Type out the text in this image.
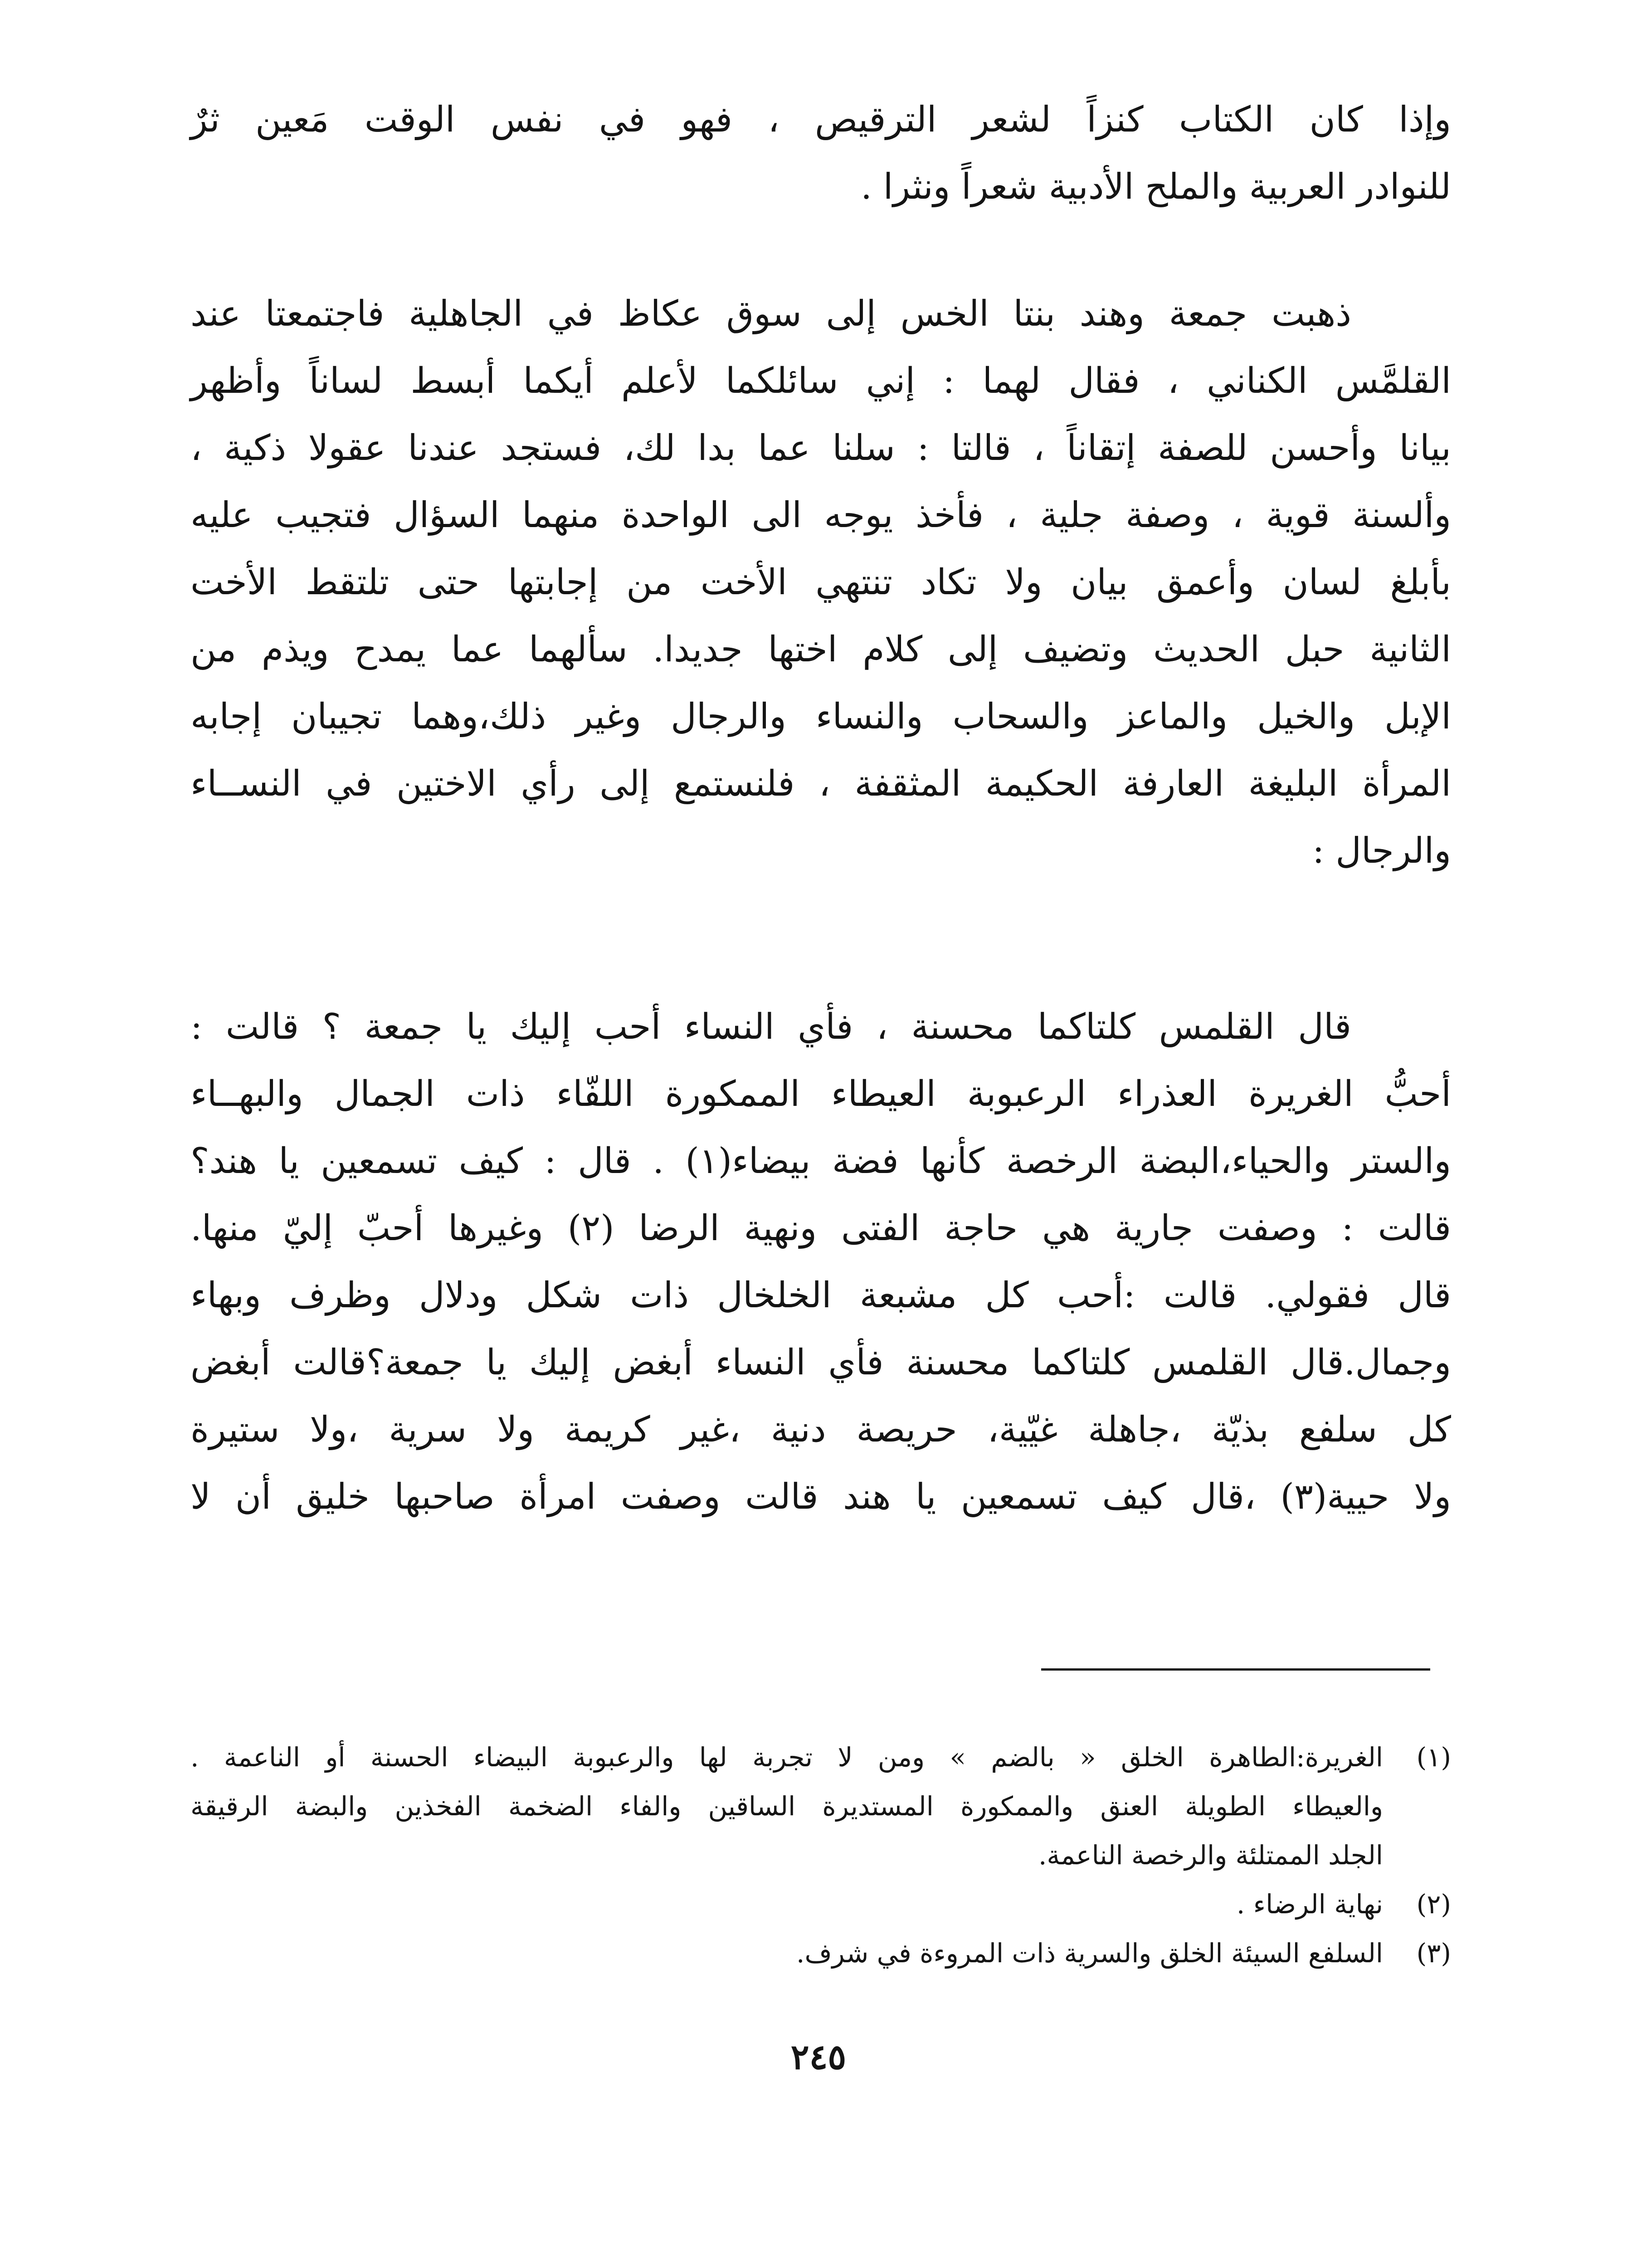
وإذا كان الكتاب كنزاً لشعر الترقيص ، فهو في نفس الوقت مَعين ثرٌ
للنوادر العربية والملح الأدبية شعراً ونثرا .
ذهبت جمعة وهند بنتا الخس إلى سوق عكاظ في الجاهلية فاجتمعتا عند
القلمَّس الكناني ، فقال لهما : إني سائلكما لأعلم أيكما أبسط لساناً وأظهر
بيانا وأحسن للصفة إتقاناً ، قالتا : سلنا عما بدا لك، فستجد عندنا عقولا ذكية ،
وألسنة قوية ، وصفة جلية ، فأخذ يوجه الى الواحدة منهما السؤال فتجيب عليه
بأبلغ لسان وأعمق بيان ولا تكاد تنتهي الأخت من إجابتها حتى تلتقط الأخت
الثانية حبل الحديث وتضيف إلى كلام اختها جديدا. سألهما عما يمدح ويذم من
الإبل والخيل والماعز والسحاب والنساء والرجال وغير ذلك،وهما تجيبان إجابه
المرأة البليغة العارفة الحكيمة المثقفة ، فلنستمع إلى رأي الاختين في النســاء
والرجال :
قال القلمس كلتاكما محسنة ، فأي النساء أحب إليك يا جمعة ؟ قالت :
أحبُّ الغريرة العذراء الرعبوبة العيطاء الممكورة اللفّاء ذات الجمال والبهــاء
والستر والحياء،البضة الرخصة كأنها فضة بيضاء(١) . قال : كيف تسمعين يا هند؟
قالت : وصفت جارية هي حاجة الفتى ونهية الرضا (٢) وغيرها أحبّ إليّ منها.
قال فقولي. قالت :أحب كل مشبعة الخلخال ذات شكل ودلال وظرف وبهاء
وجمال.قال القلمس كلتاكما محسنة فأي النساء أبغض إليك يا جمعة؟قالت أبغض
كل سلفع بذيّة ،جاهلة غيّية، حريصة دنية ،غير كريمة ولا سرية ،ولا ستيرة
ولا حيية(٣) ،قال كيف تسمعين يا هند قالت وصفت امرأة صاحبها خليق أن لا
(١)
الغريرة:الطاهرة الخلق « بالضم » ومن لا تجربة لها والرعبوبة البيضاء الحسنة أو الناعمة .
والعيطاء الطويلة العنق والممكورة المستديرة الساقين والفاء الضخمة الفخذين والبضة الرقيقة
الجلد الممتلئة والرخصة الناعمة.
(٢)
نهاية الرضاء .
(٣)
السلفع السيئة الخلق والسرية ذات المروءة في شرف.
٢٤٥
